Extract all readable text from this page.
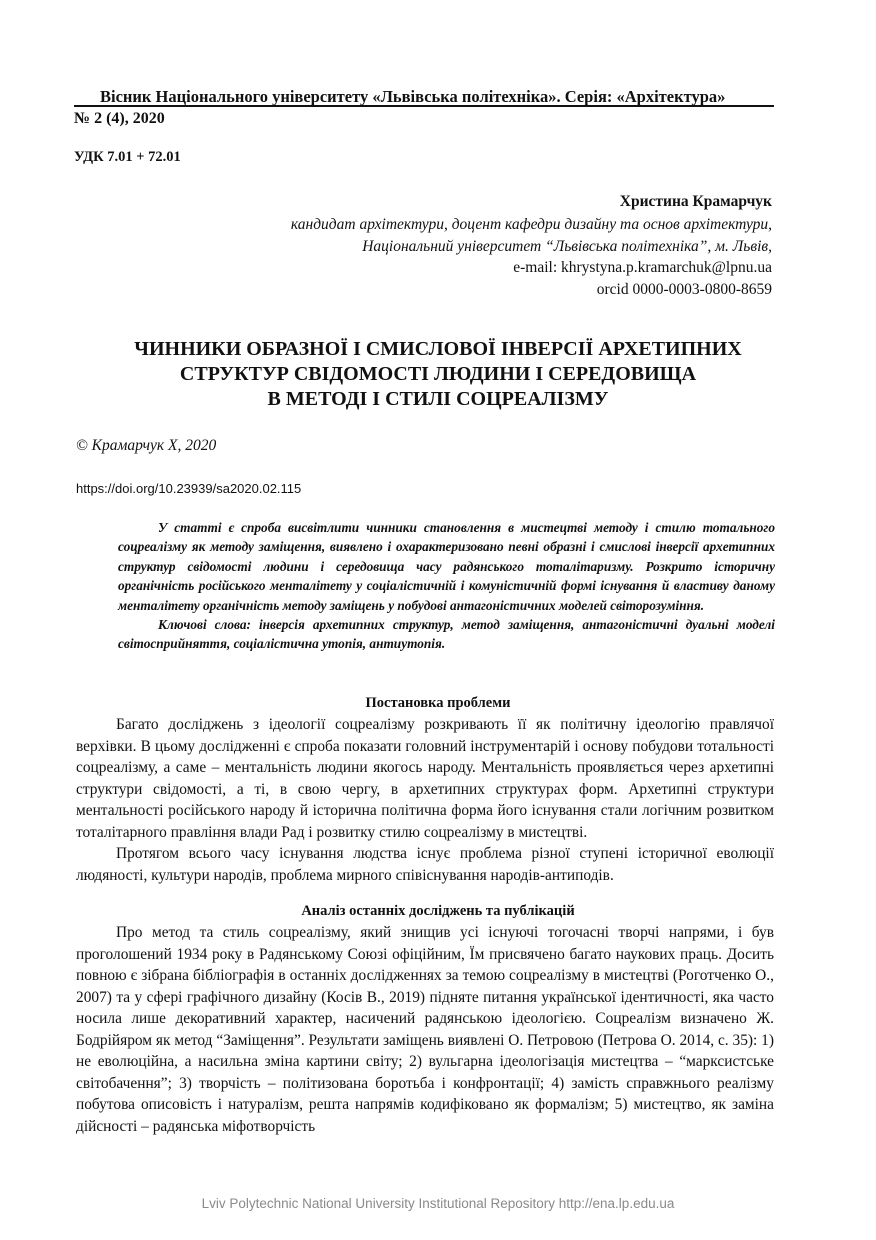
Вісник Національного університету «Львівська політехніка». Серія: «Архітектура»
№ 2 (4), 2020
УДК 7.01 + 72.01
Христина Крамарчук
кандидат архітектури, доцент кафедри дизайну та основ архітектури,
Національний університет “Львівська політехніка”, м. Львів,
e-mail: khrystyna.p.kramarchuk@lpnu.ua
orcid 0000-0003-0800-8659
ЧИННИКИ ОБРАЗНОЇ І СМИСЛОВОЇ ІНВЕРСІЇ АРХЕТИПНИХ
СТРУКТУР СВІДОМОСТІ ЛЮДИНИ І СЕРЕДОВИЩА
В МЕТОДІ І СТИЛІ СОЦРЕАЛІЗМУ
© Крамарчук Х, 2020
https://doi.org/10.23939/sa2020.02.115

У статті є спроба висвітлити чинники становлення в мистецтві методу і стилю тотального соцреалізму як методу заміщення, виявлено і охарактеризовано певні образні і смислові інверсії архетипних структур свідомості людини і середовища часу радянського тоталітаризму. Розкрито історичну органічність російського менталітету у соціалістичній і комуністичній формі існування й властиву даному менталітету органічність методу заміщень у побудові антагоністичних моделей світорозуміння.

Ключові слова: інверсія архетипних структур, метод заміщення, антагоністичні дуальні моделі світосприйняття, соціалістична утопія, антиутопія.

Постановка проблеми

Багато досліджень з ідеології соцреалізму розкривають її як політичну ідеологію правлячої верхівки. В цьому дослідженні є спроба показати головний інструментарій і основу побудови тотальності соцреалізму, а саме – ментальність людини якогось народу. Ментальність проявляється через архетипні структури свідомості, а ті, в свою чергу, в архетипних структурах форм. Архетипні структури ментальності російського народу й історична політична форма його існування стали логічним розвитком тоталітарного правління влади Рад і розвитку стилю соцреалізму в мистецтві.

Протягом всього часу існування людства існує проблема різної ступені історичної еволюції людяності, культури народів, проблема мирного співіснування народів-антиподів.

Аналіз останніх досліджень та публікацій

Про метод та стиль соцреалізму, який знищив усі існуючі тогочасні творчі напрями, і був проголошений 1934 року в Радянському Союзі офіційним, Їм присвячено багато наукових праць. Досить повною є зібрана бібліографія в останніх дослідженнях за темою соцреалізму в мистецтві (Роготченко О., 2007) та у сфері графічного дизайну (Косів В., 2019) підняте питання української ідентичності, яка часто носила лише декоративний характер, насичений радянською ідеологією. Соцреалізм визначено Ж. Бодрійяром як метод “Заміщення”. Результати заміщень виявлені О. Петровою (Петрова О. 2014, с. 35): 1) не еволюційна, а насильна зміна картини світу; 2) вульгарна ідеологізація мистецтва – “марксистське світобачення”; 3) творчість – політизована боротьба і конфронтації; 4) замість справжнього реалізму побутова описовість і натуралізм, решта напрямів кодифіковано як формалізм; 5) мистецтво, як заміна дійсності – радянська міфотворчість

Lviv Polytechnic National University Institutional Repository http://ena.lp.edu.ua
